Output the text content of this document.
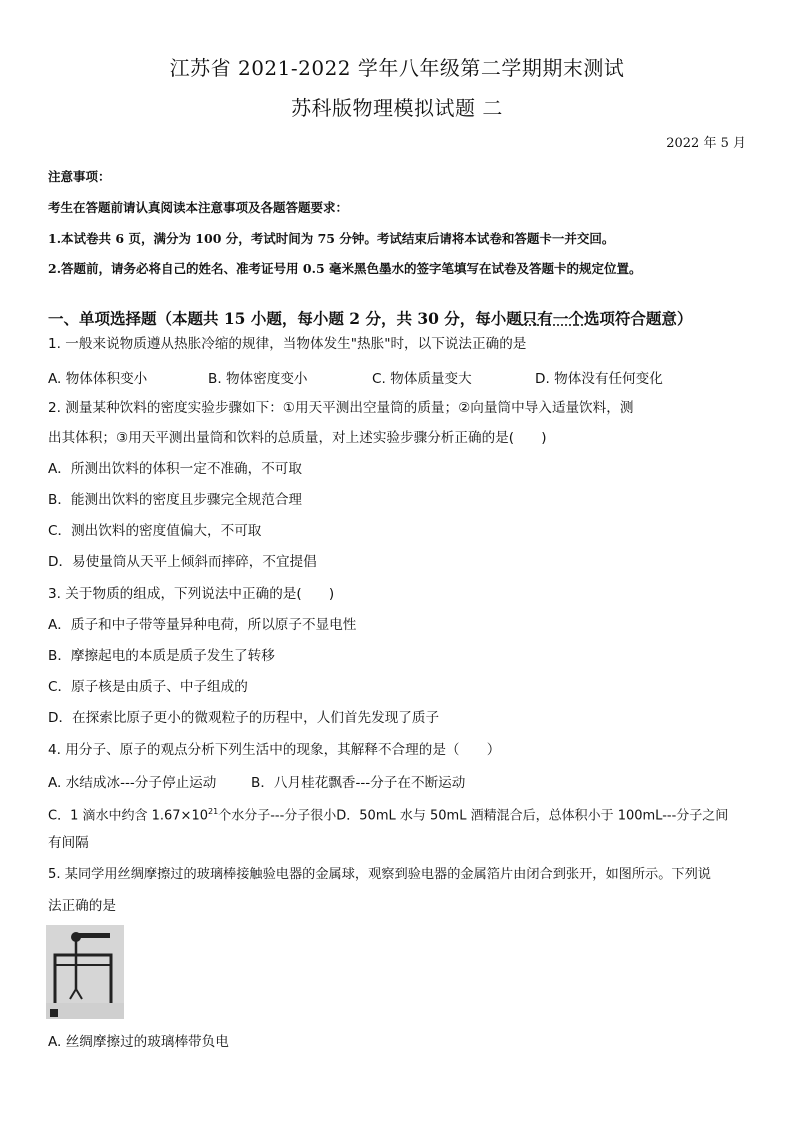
江苏省 2021-2022 学年八年级第二学期期末测试
苏科版物理模拟试题 二
2022 年 5 月
注意事项：
考生在答题前请认真阅读本注意事项及各题答题要求：
1.本试卷共 6 页，满分为 100 分，考试时间为 75 分钟。考试结束后请将本试卷和答题卡一并交回。
2.答题前，请务必将自己的姓名、准考证号用 0.5 毫米黑色墨水的签字笔填写在试卷及答题卡的规定位置。
一、单项选择题（本题共 15 小题，每小题 2 分，共 30 分，每小题只有一个选项符合题意）
1. 一般来说物质遵从热胀冷缩的规律，当物体发生"热胀"时，以下说法正确的是
A. 物体体积变小	B. 物体密度变小	C. 物体质量变大	D. 物体没有任何变化
2. 测量某种饮料的密度实验步骤如下：①用天平测出空量筒的质量；②向量筒中导入适量饮料，测
出其体积；③用天平测出量筒和饮料的总质量，对上述实验步骤分析正确的是(　　)
A．所测出饮料的体积一定不准确，不可取
B．能测出饮料的密度且步骤完全规范合理
C．测出饮料的密度值偏大，不可取
D．易使量筒从天平上倾斜而摔碎，不宜提倡
3. 关于物质的组成，下列说法中正确的是(　　)
A．质子和中子带等量异种电荷，所以原子不显电性
B．摩擦起电的本质是质子发生了转移
C．原子核是由质子、中子组成的
D．在探索比原子更小的微观粒子的历程中，人们首先发现了质子
4. 用分子、原子的观点分析下列生活中的现象，其解释不合理的是（　　）
A. 水结成冰---分子停止运动	B．八月桂花飘香---分子在不断运动
C．1 滴水中约含 $1.67\times 10^{21}$个水分子---分子很小D．50mL 水与 50mL 酒精混合后，总体积小于 100mL---分子之间
有间隔
5. 某同学用丝绸摩擦过的玻璃棒接触验电器的金属球，观察到验电器的金属箔片由闭合到张开，如图所示。下列说
法正确的是
A. 丝绸摩擦过的玻璃棒带负电
